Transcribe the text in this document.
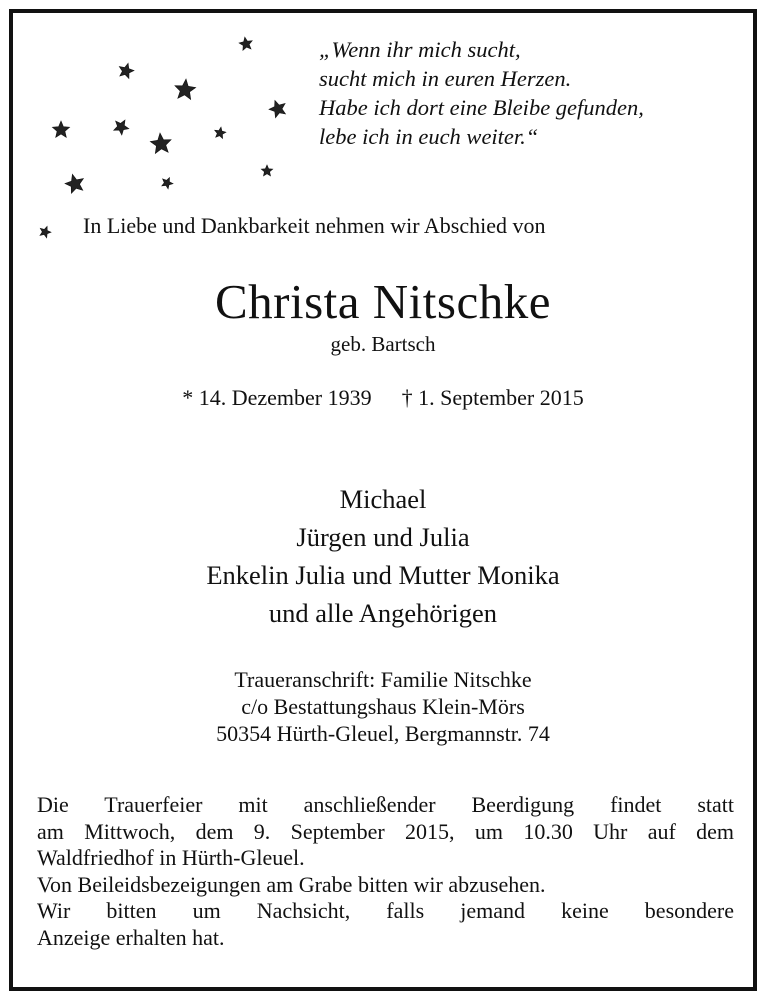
„Wenn ihr mich sucht,
sucht mich in euren Herzen.
Habe ich dort eine Bleibe gefunden,
lebe ich in euch weiter.“
In Liebe und Dankbarkeit nehmen wir Abschied von
Christa Nitschke
geb. Bartsch
* 14. Dezember 1939 † 1. September 2015
Michael
Jürgen und Julia
Enkelin Julia und Mutter Monika
und alle Angehörigen
Traueranschrift: Familie Nitschke
c/o Bestattungshaus Klein-Mörs
50354 Hürth-Gleuel, Bergmannstr. 74
Die Trauerfeier mit anschließender Beerdigung findet statt
am Mittwoch, dem 9. September 2015, um 10.30 Uhr auf dem
Waldfriedhof in Hürth-Gleuel.
Von Beileidsbezeigungen am Grabe bitten wir abzusehen.
Wir bitten um Nachsicht, falls jemand keine besondere
Anzeige erhalten hat.
